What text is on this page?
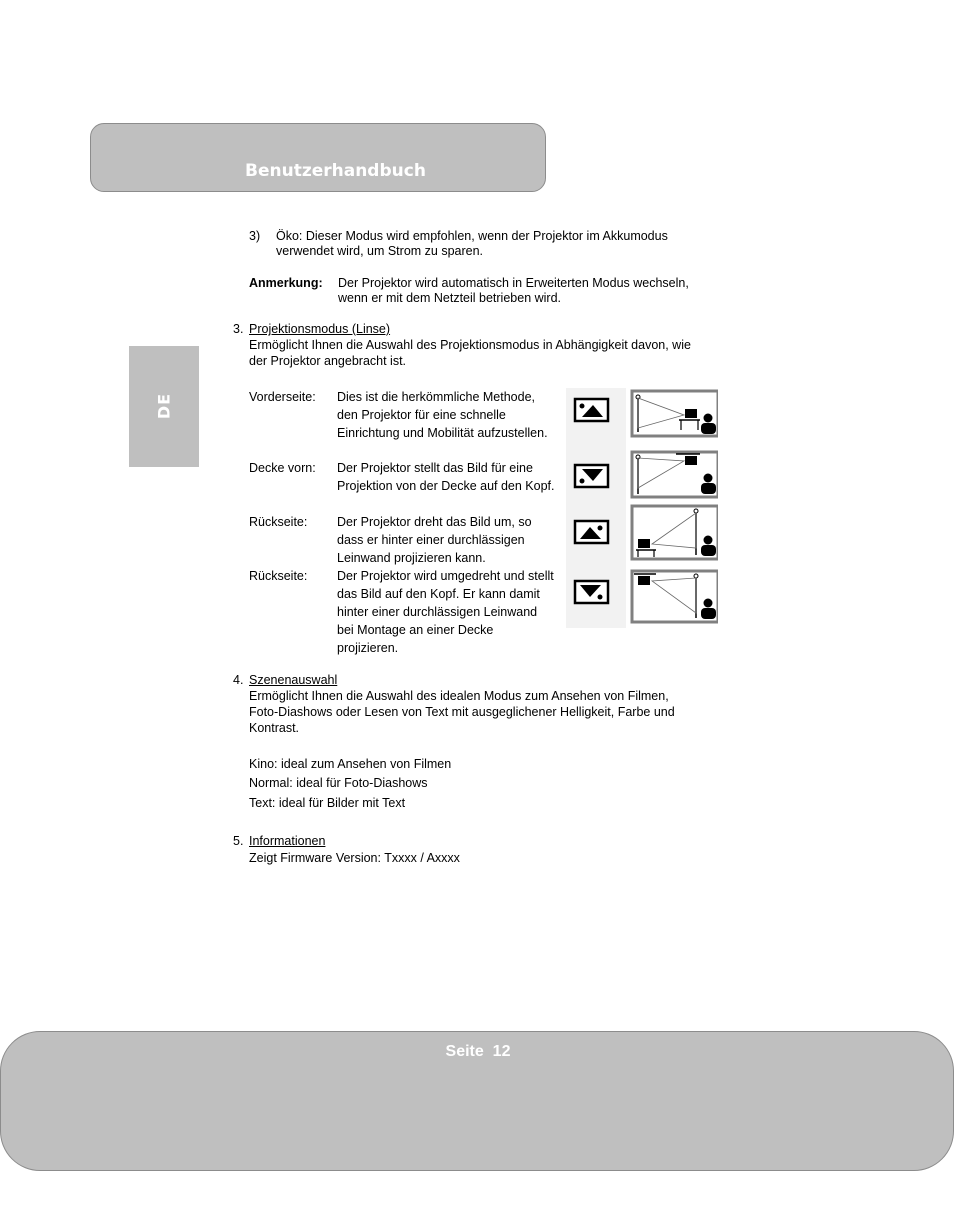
Benutzerhandbuch
DE
3) Öko: Dieser Modus wird empfohlen, wenn der Projektor im Akkumodus
verwendet wird, um Strom zu sparen.
Anmerkung: Der Projektor wird automatisch in Erweiterten Modus wechseln,
wenn er mit dem Netzteil betrieben wird.
3. Projektionsmodus (Linse)
Ermöglicht Ihnen die Auswahl des Projektionsmodus in Abhängigkeit davon, wie
der Projektor angebracht ist.
Vorderseite: Dies ist die herkömmliche Methode, den Projektor für eine schnelle Einrichtung und Mobilität aufzustellen.
Decke vorn: Der Projektor stellt das Bild für eine Projektion von der Decke auf den Kopf.
Rückseite: Der Projektor dreht das Bild um, so dass er hinter einer durchlässigen Leinwand projizieren kann.
Rückseite: Der Projektor wird umgedreht und stellt das Bild auf den Kopf. Er kann damit hinter einer durchlässigen Leinwand bei Montage an einer Decke projizieren.
4. Szenenauswahl
Ermöglicht Ihnen die Auswahl des idealen Modus zum Ansehen von Filmen,
Foto-Diashows oder Lesen von Text mit ausgeglichener Helligkeit, Farbe und
Kontrast.
Kino: ideal zum Ansehen von Filmen
Normal: ideal für Foto-Diashows
Text: ideal für Bilder mit Text
5. Informationen
Zeigt Firmware Version: Txxxx / Axxxx
Seite  12
